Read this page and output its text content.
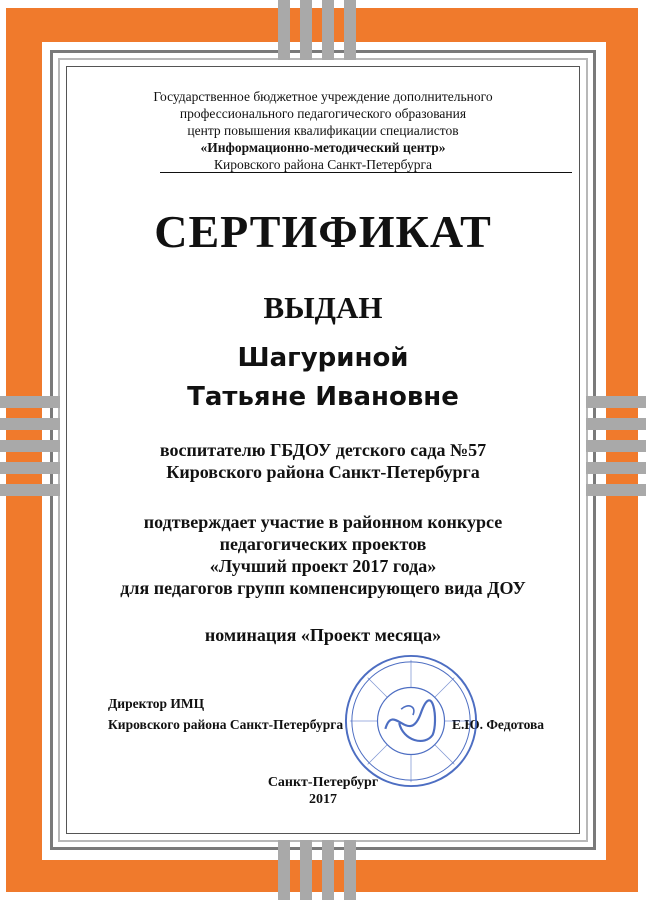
Государственное бюджетное учреждение дополнительного
профессионального педагогического образования
центр повышения квалификации специалистов
«Информационно-методический центр»
Кировского района Санкт-Петербурга
СЕРТИФИКАТ
ВЫДАН
Шагуриной
Татьяне Ивановне
воспитателю ГБДОУ детского сада №57
Кировского района Санкт-Петербурга
подтверждает участие в районном конкурсе
педагогических проектов
«Лучший проект 2017 года»
для педагогов групп компенсирующего вида ДОУ
номинация «Проект месяца»
Директор ИМЦ
Кировского района Санкт-Петербурга	Е.Ю. Федотова
Санкт-Петербург
2017
